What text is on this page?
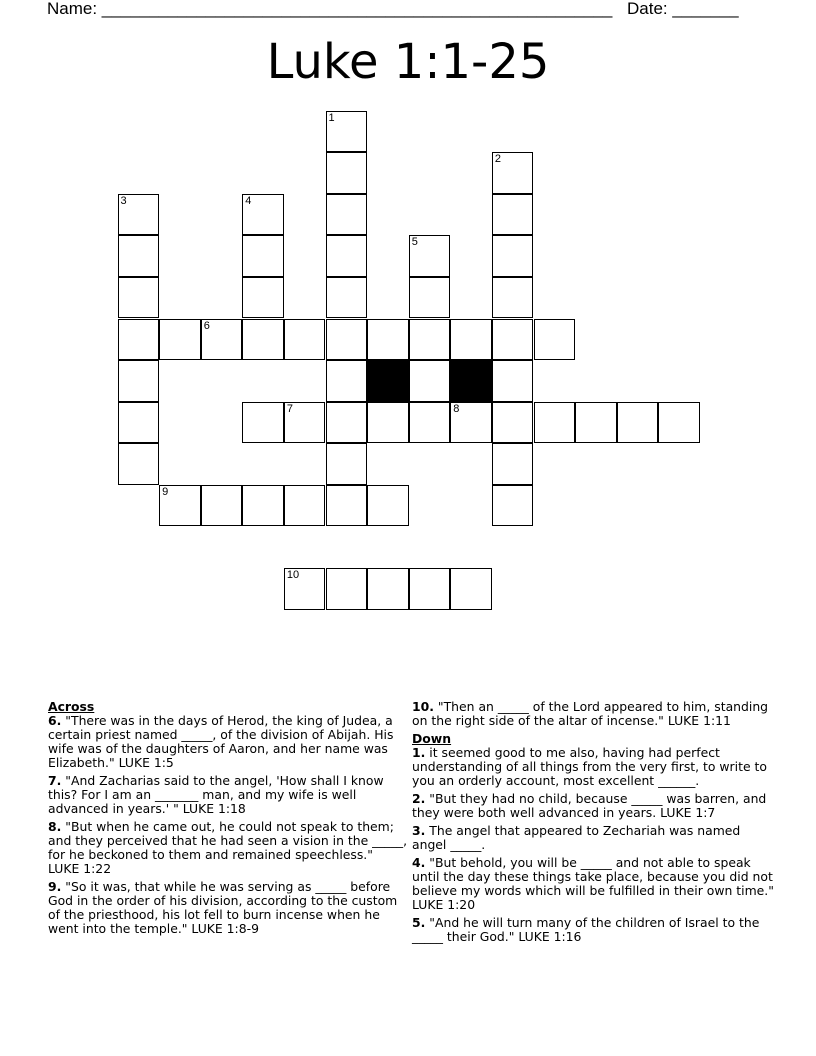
Name: ______________________________________________________ Date: _______
Luke 1:1-25
1
2
3	4
5
6
7	8
9
10
Across
6. "There was in the days of Herod, the king of Judea, a certain priest named _____, of the division of Abijah. His wife was of the daughters of Aaron, and her name was Elizabeth." LUKE 1:5
7. "And Zacharias said to the angel, 'How shall I know this? For I am an _______ man, and my wife is well advanced in years.' " LUKE 1:18
8. "But when he came out, he could not speak to them; and they perceived that he had seen a vision in the _____, for he beckoned to them and remained speechless." LUKE 1:22
9. "So it was, that while he was serving as _____ before God in the order of his division, according to the custom of the priesthood, his lot fell to burn incense when he went into the temple." LUKE 1:8-9
10. "Then an _____ of the Lord appeared to him, standing on the right side of the altar of incense." LUKE 1:11
Down
1. it seemed good to me also, having had perfect understanding of all things from the very first, to write to you an orderly account, most excellent ______.
2. "But they had no child, because _____ was barren, and they were both well advanced in years. LUKE 1:7
3. The angel that appeared to Zechariah was named angel _____.
4. "But behold, you will be _____ and not able to speak until the day these things take place, because you did not believe my words which will be fulfilled in their own time." LUKE 1:20
5. "And he will turn many of the children of Israel to the _____ their God." LUKE 1:16
